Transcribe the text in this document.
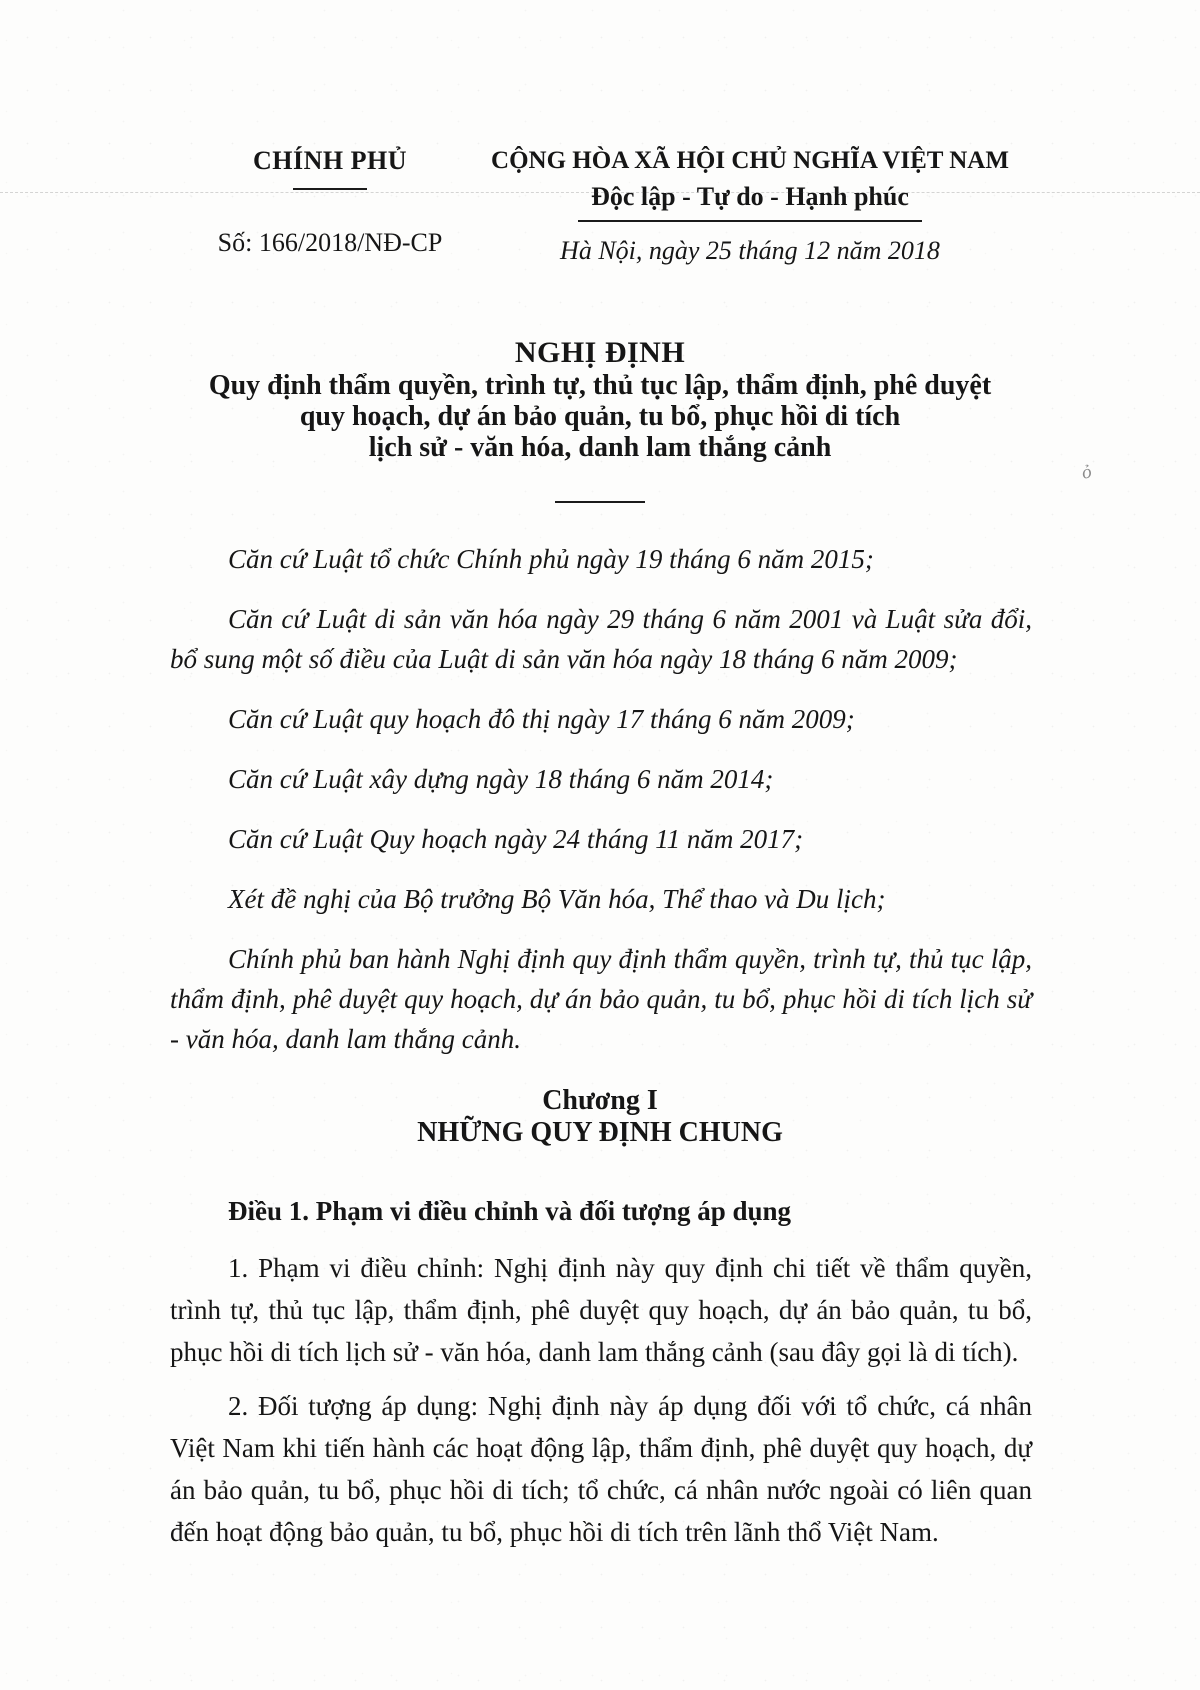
CHÍNH PHỦ
Số: 166/2018/NĐ-CP
CỘNG HÒA XÃ HỘI CHỦ NGHĨA VIỆT NAM
Độc lập - Tự do - Hạnh phúc
Hà Nội, ngày 25 tháng 12 năm 2018
NGHỊ ĐỊNH
Quy định thẩm quyền, trình tự, thủ tục lập, thẩm định, phê duyệt
quy hoạch, dự án bảo quản, tu bổ, phục hồi di tích
lịch sử - văn hóa, danh lam thắng cảnh

Căn cứ Luật tổ chức Chính phủ ngày 19 tháng 6 năm 2015;

Căn cứ Luật di sản văn hóa ngày 29 tháng 6 năm 2001 và Luật sửa đổi, bổ sung một số điều của Luật di sản văn hóa ngày 18 tháng 6 năm 2009;

Căn cứ Luật quy hoạch đô thị ngày 17 tháng 6 năm 2009;

Căn cứ Luật xây dựng ngày 18 tháng 6 năm 2014;

Căn cứ Luật Quy hoạch ngày 24 tháng 11 năm 2017;

Xét đề nghị của Bộ trưởng Bộ Văn hóa, Thể thao và Du lịch;

Chính phủ ban hành Nghị định quy định thẩm quyền, trình tự, thủ tục lập, thẩm định, phê duyệt quy hoạch, dự án bảo quản, tu bổ, phục hồi di tích lịch sử - văn hóa, danh lam thắng cảnh.

Chương I
NHỮNG QUY ĐỊNH CHUNG
Điều 1. Phạm vi điều chỉnh và đối tượng áp dụng

1. Phạm vi điều chỉnh: Nghị định này quy định chi tiết về thẩm quyền, trình tự, thủ tục lập, thẩm định, phê duyệt quy hoạch, dự án bảo quản, tu bổ, phục hồi di tích lịch sử - văn hóa, danh lam thắng cảnh (sau đây gọi là di tích).

2. Đối tượng áp dụng: Nghị định này áp dụng đối với tổ chức, cá nhân Việt Nam khi tiến hành các hoạt động lập, thẩm định, phê duyệt quy hoạch, dự án bảo quản, tu bổ, phục hồi di tích; tổ chức, cá nhân nước ngoài có liên quan đến hoạt động bảo quản, tu bổ, phục hồi di tích trên lãnh thổ Việt Nam.

ỏ
